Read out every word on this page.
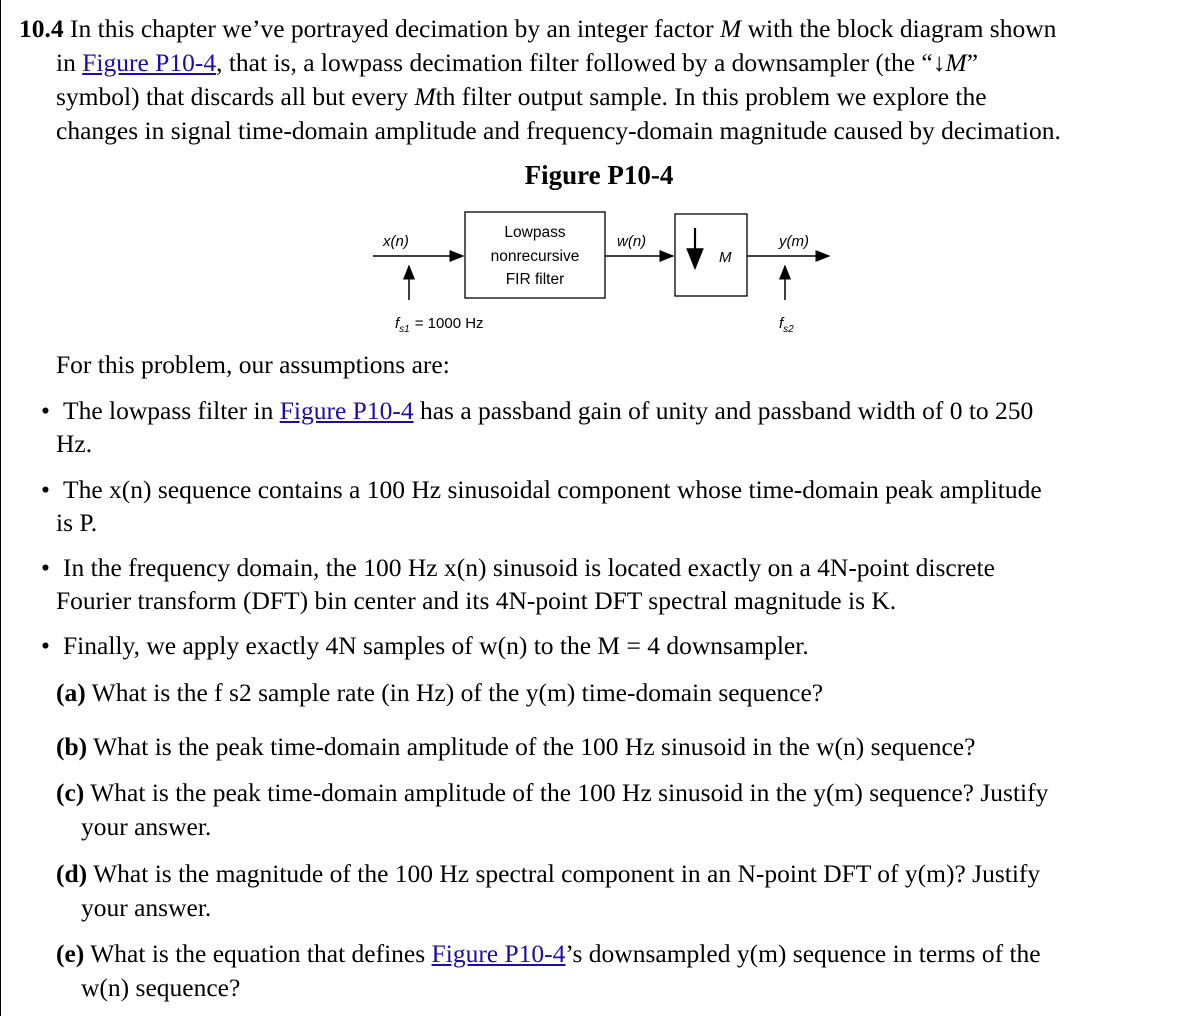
10.4 In this chapter we’ve portrayed decimation by an integer factor M with the block diagram shown
in Figure P10-4, that is, a lowpass decimation filter followed by a downsampler (the “↓M”
symbol) that discards all but every Mth filter output sample. In this problem we explore the
changes in signal time-domain amplitude and frequency-domain magnitude caused by decimation.
Figure P10-4
x(n)
Lowpass
nonrecursive
FIR filter
w(n)
M
y(m)
$f_{s1} = 1000$ Hz	$f_{s2}$
For this problem, our assumptions are:
• The lowpass filter in Figure P10-4 has a passband gain of unity and passband width of 0 to 250
Hz.
• The x(n) sequence contains a 100 Hz sinusoidal component whose time-domain peak amplitude
is P.
• In the frequency domain, the 100 Hz x(n) sinusoid is located exactly on a 4N-point discrete
Fourier transform (DFT) bin center and its 4N-point DFT spectral magnitude is K.
• Finally, we apply exactly 4N samples of w(n) to the M = 4 downsampler.
(a) What is the f s2 sample rate (in Hz) of the y(m) time-domain sequence?
(b) What is the peak time-domain amplitude of the 100 Hz sinusoid in the w(n) sequence?
(c) What is the peak time-domain amplitude of the 100 Hz sinusoid in the y(m) sequence? Justify
your answer.
(d) What is the magnitude of the 100 Hz spectral component in an N-point DFT of y(m)? Justify
your answer.
(e) What is the equation that defines Figure P10-4’s downsampled y(m) sequence in terms of the
w(n) sequence?
